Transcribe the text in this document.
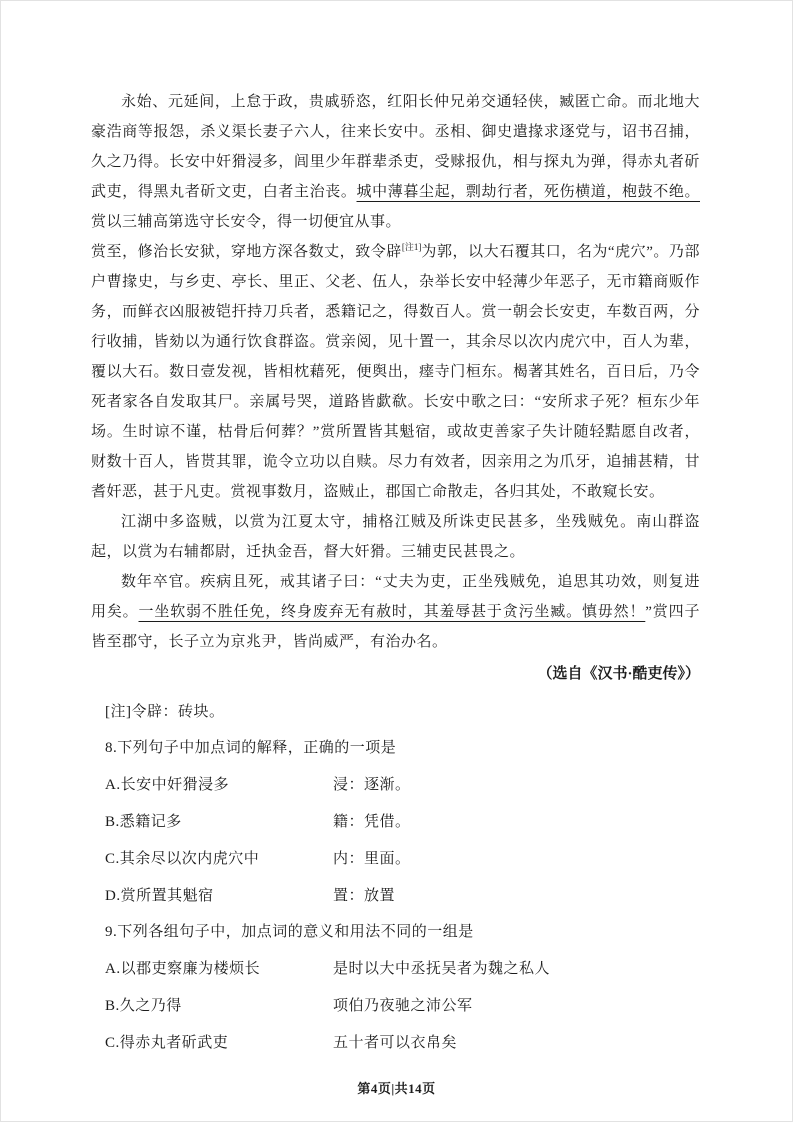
永始、元延间，上怠于政，贵戚骄恣，红阳长仲兄弟交通轻侠，臧匿亡命。而北地大豪浩商等报怨，杀义渠长妻子六人，往来长安中。丞相、御史遣掾求逐党与，诏书召捕，久之乃得。长安中奸猾浸多，闾里少年群辈杀吏，受赇报仇，相与探丸为弹，得赤丸者斫武吏，得黑丸者斫文吏，白者主治丧。城中薄暮尘起，剽劫行者，死伤横道，枹鼓不绝。赏以三辅高第选守长安令，得一切便宜从事。

赏至，修治长安狱，穿地方深各数丈，致令辟[注1]为郭，以大石覆其口，名为“虎穴”。乃部户曹掾史，与乡吏、亭长、里正、父老、伍人，杂举长安中轻薄少年恶子，无市籍商贩作务，而鲜衣凶服被铠扞持刀兵者，悉籍记之，得数百人。赏一朝会长安吏，车数百两，分行收捕，皆劾以为通行饮食群盗。赏亲阅，见十置一，其余尽以次内虎穴中，百人为辈，覆以大石。数日壹发视，皆相枕藉死，便舆出，瘗寺门桓东。楬著其姓名，百日后，乃令死者家各自发取其尸。亲属号哭，道路皆歔欷。长安中歌之曰：“安所求子死？桓东少年场。生时谅不谨，枯骨后何葬？”赏所置皆其魁宿，或故吏善家子失计随轻黠愿自改者，财数十百人，皆贳其罪，诡令立功以自赎。尽力有效者，因亲用之为爪牙，追捕甚精，甘耆奸恶，甚于凡吏。赏视事数月，盗贼止，郡国亡命散走，各归其处，不敢窥长安。

江湖中多盗贼，以赏为江夏太守，捕格江贼及所诛吏民甚多，坐残贼免。南山群盗起，以赏为右辅都尉，迁执金吾，督大奸猾。三辅吏民甚畏之。

数年卒官。疾病且死，戒其诸子曰：“丈夫为吏，正坐残贼免，追思其功效，则复进用矣。一坐软弱不胜任免，终身废弃无有赦时，其羞辱甚于贪污坐臧。慎毋然！”赏四子皆至郡守，长子立为京兆尹，皆尚威严，有治办名。

（选自《汉书·酷吏传》）
[注]令辟：砖块。
8.下列句子中加点词的解释，正确的一项是
A.长安中奸猾浸多	浸：逐渐。
B.悉籍记多	籍：凭借。
C.其余尽以次内虎穴中	内：里面。
D.赏所置其魁宿	置：放置
9.下列各组句子中，加点词的意义和用法不同的一组是
A.以郡吏察廉为楼烦长	是时以大中丞抚吴者为魏之私人
B.久之乃得	项伯乃夜驰之沛公军
C.得赤丸者斫武吏	五十者可以衣帛矣
第4页|共14页
